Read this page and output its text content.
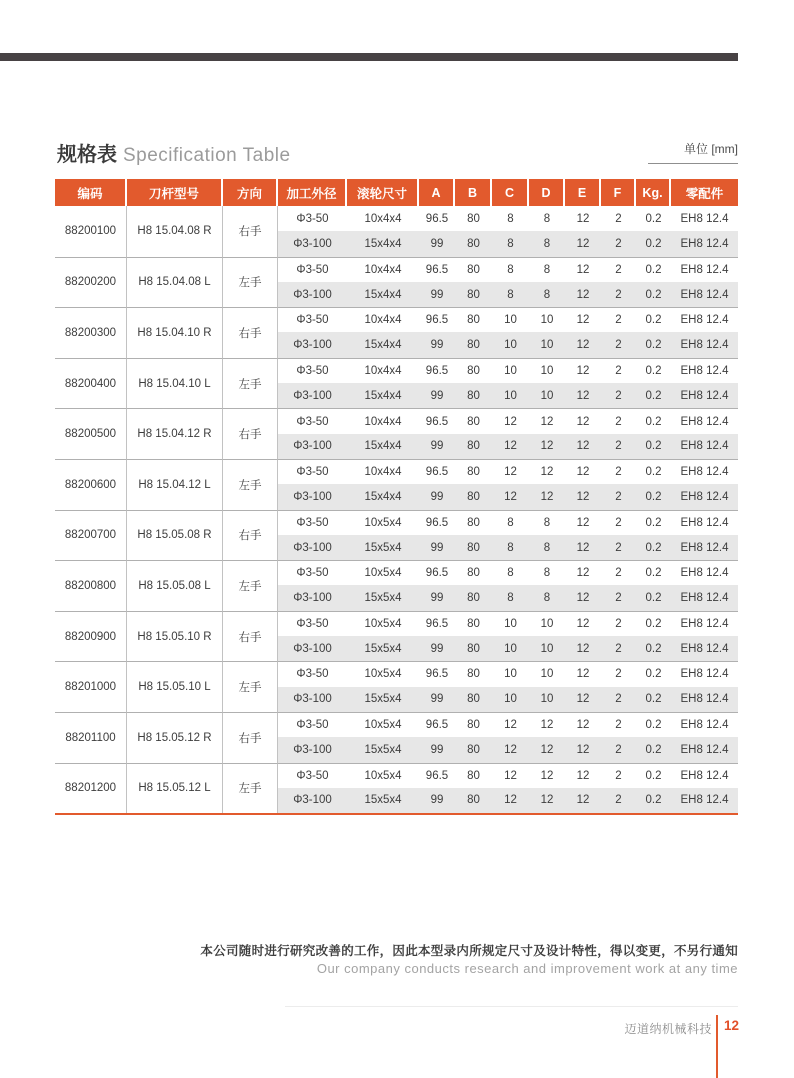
规格表 Specification Table	单位 [mm]
编码	刀杆型号	方向	加工外径	滚轮尺寸	A	B	C	D	E	F	Kg.	零配件
88200100	H8 15.04.08 R	右手	Φ3-50	10x4x4	96.5	80	8	8	12	2	0.2	EH8 12.4
			Φ3-100	15x4x4	99	80	8	8	12	2	0.2	EH8 12.4
88200200	H8 15.04.08 L	左手	Φ3-50	10x4x4	96.5	80	8	8	12	2	0.2	EH8 12.4
			Φ3-100	15x4x4	99	80	8	8	12	2	0.2	EH8 12.4
88200300	H8 15.04.10 R	右手	Φ3-50	10x4x4	96.5	80	10	10	12	2	0.2	EH8 12.4
			Φ3-100	15x4x4	99	80	10	10	12	2	0.2	EH8 12.4
88200400	H8 15.04.10 L	左手	Φ3-50	10x4x4	96.5	80	10	10	12	2	0.2	EH8 12.4
			Φ3-100	15x4x4	99	80	10	10	12	2	0.2	EH8 12.4
88200500	H8 15.04.12 R	右手	Φ3-50	10x4x4	96.5	80	12	12	12	2	0.2	EH8 12.4
			Φ3-100	15x4x4	99	80	12	12	12	2	0.2	EH8 12.4
88200600	H8 15.04.12 L	左手	Φ3-50	10x4x4	96.5	80	12	12	12	2	0.2	EH8 12.4
			Φ3-100	15x4x4	99	80	12	12	12	2	0.2	EH8 12.4
88200700	H8 15.05.08 R	右手	Φ3-50	10x5x4	96.5	80	8	8	12	2	0.2	EH8 12.4
			Φ3-100	15x5x4	99	80	8	8	12	2	0.2	EH8 12.4
88200800	H8 15.05.08 L	左手	Φ3-50	10x5x4	96.5	80	8	8	12	2	0.2	EH8 12.4
			Φ3-100	15x5x4	99	80	8	8	12	2	0.2	EH8 12.4
88200900	H8 15.05.10 R	右手	Φ3-50	10x5x4	96.5	80	10	10	12	2	0.2	EH8 12.4
			Φ3-100	15x5x4	99	80	10	10	12	2	0.2	EH8 12.4
88201000	H8 15.05.10 L	左手	Φ3-50	10x5x4	96.5	80	10	10	12	2	0.2	EH8 12.4
			Φ3-100	15x5x4	99	80	10	10	12	2	0.2	EH8 12.4
88201100	H8 15.05.12 R	右手	Φ3-50	10x5x4	96.5	80	12	12	12	2	0.2	EH8 12.4
			Φ3-100	15x5x4	99	80	12	12	12	2	0.2	EH8 12.4
88201200	H8 15.05.12 L	左手	Φ3-50	10x5x4	96.5	80	12	12	12	2	0.2	EH8 12.4
			Φ3-100	15x5x4	99	80	12	12	12	2	0.2	EH8 12.4
本公司随时进行研究改善的工作，因此本型录内所规定尺寸及设计特性，得以变更，不另行通知
Our company conducts research and improvement work at any time
迈道纳机械科技 12
